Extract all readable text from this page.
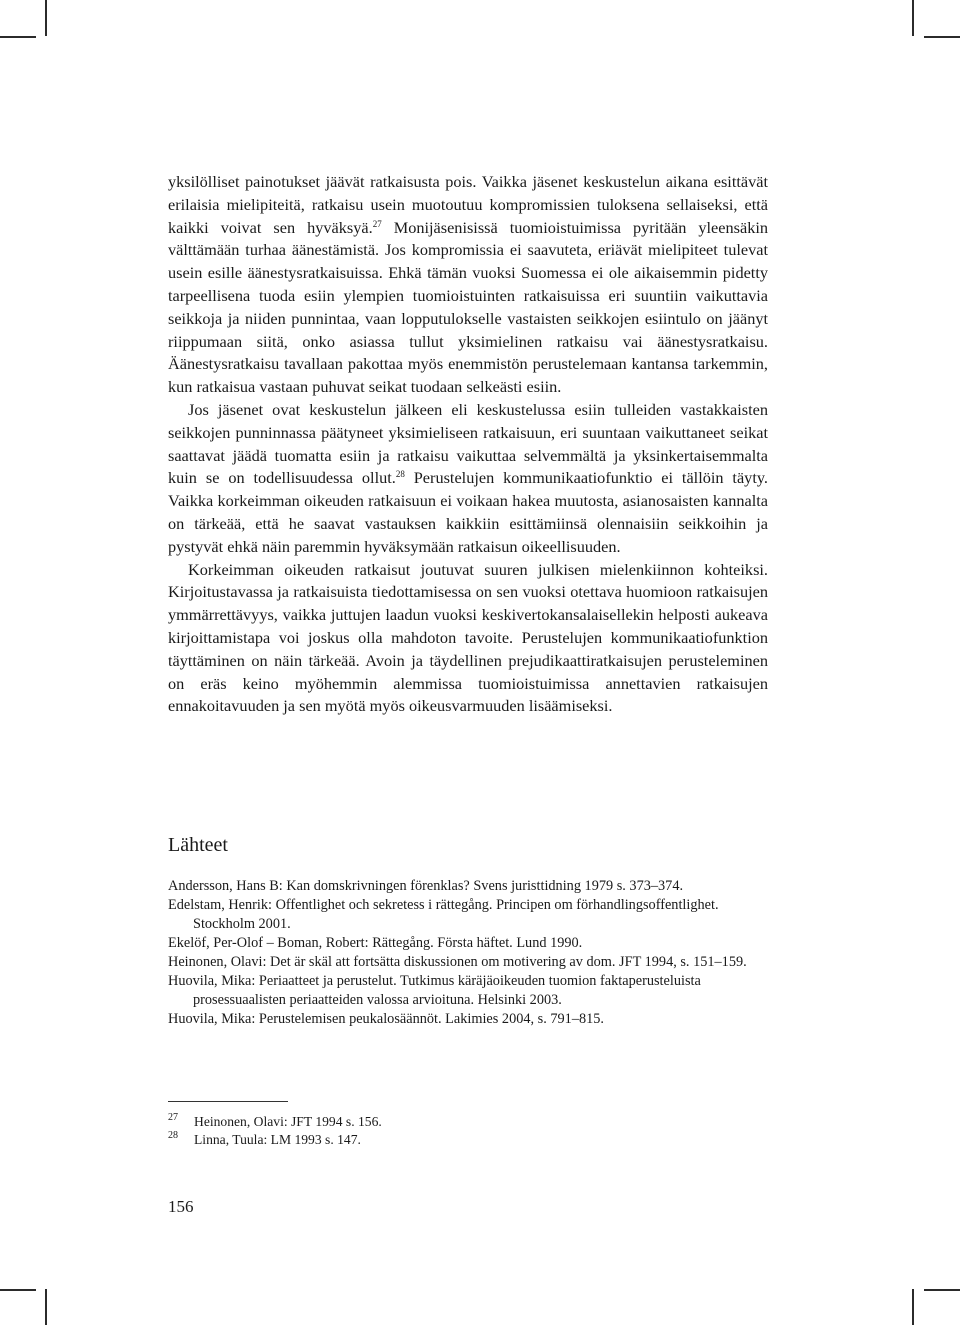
yksilölliset painotukset jäävät ratkaisusta pois. Vaikka jäsenet keskustelun aikana esittävät erilaisia mielipiteitä, ratkaisu usein muotoutuu kompromissien tuloksena sellaiseksi, että kaikki voivat sen hyväksyä.$^{27}$ Monijäsenisissä tuomioistuimissa pyritään yleensäkin välttämään turhaa äänestämistä. Jos kompromissia ei saavuteta, eriävät mielipiteet tulevat usein esille äänestysratkaisuissa. Ehkä tämän vuoksi Suomessa ei ole aikaisemmin pidetty tarpeellisena tuoda esiin ylempien tuomioistuinten ratkaisuissa eri suuntiin vaikuttavia seikkoja ja niiden punnintaa, vaan lopputulokselle vastaisten seikkojen esiintulo on jäänyt riippumaan siitä, onko asiassa tullut yksimielinen ratkaisu vai äänestysratkaisu. Äänestysratkaisu tavallaan pakottaa myös enemmistön perustelemaan kantansa tarkemmin, kun ratkaisua vastaan puhuvat seikat tuodaan selkeästi esiin.

Jos jäsenet ovat keskustelun jälkeen eli keskustelussa esiin tulleiden vastakkaisten seikkojen punninnassa päätyneet yksimieliseen ratkaisuun, eri suuntaan vaikuttaneet seikat saattavat jäädä tuomatta esiin ja ratkaisu vaikuttaa selvemmältä ja yksinkertaisemmalta kuin se on todellisuudessa ollut.$^{28}$ Perustelujen kommunikaatiofunktio ei tällöin täyty. Vaikka korkeimman oikeuden ratkaisuun ei voikaan hakea muutosta, asianosaisten kannalta on tärkeää, että he saavat vastauksen kaikkiin esittämiinsä olennaisiin seikkoihin ja pystyvät ehkä näin paremmin hyväksymään ratkaisun oikeellisuuden.

Korkeimman oikeuden ratkaisut joutuvat suuren julkisen mielenkiinnon kohteiksi. Kirjoitustavassa ja ratkaisuista tiedottamisessa on sen vuoksi otettava huomioon ratkaisujen ymmärrettävyys, vaikka juttujen laadun vuoksi keskivertokansalaisellekin helposti aukeava kirjoittamistapa voi joskus olla mahdoton tavoite. Perustelujen kommunikaatiofunktion täyttäminen on näin tärkeää. Avoin ja täydellinen prejudikaattiratkaisujen perusteleminen on eräs keino myöhemmin alemmissa tuomioistuimissa annettavien ratkaisujen ennakoitavuuden ja sen myötä myös oikeusvarmuuden lisäämiseksi.

Lähteet
Andersson, Hans B: Kan domskrivningen förenklas? Svens juristtidning 1979 s. 373–374.
Edelstam, Henrik: Offentlighet och sekretess i rättegång. Principen om förhandlingsoffentlighet. Stockholm 2001.
Ekelöf, Per-Olof – Boman, Robert: Rättegång. Första häftet. Lund 1990.
Heinonen, Olavi: Det är skäl att fortsätta diskussionen om motivering av dom. JFT 1994, s. 151–159.
Huovila, Mika: Periaatteet ja perustelut. Tutkimus käräjäoikeuden tuomion faktaperusteluista prosessuaalisten periaatteiden valossa arvioituna. Helsinki 2003.
Huovila, Mika: Perustelemisen peukalosäännöt. Lakimies 2004, s. 791–815.
27 Heinonen, Olavi: JFT 1994 s. 156.
28 Linna, Tuula: LM 1993 s. 147.
156
